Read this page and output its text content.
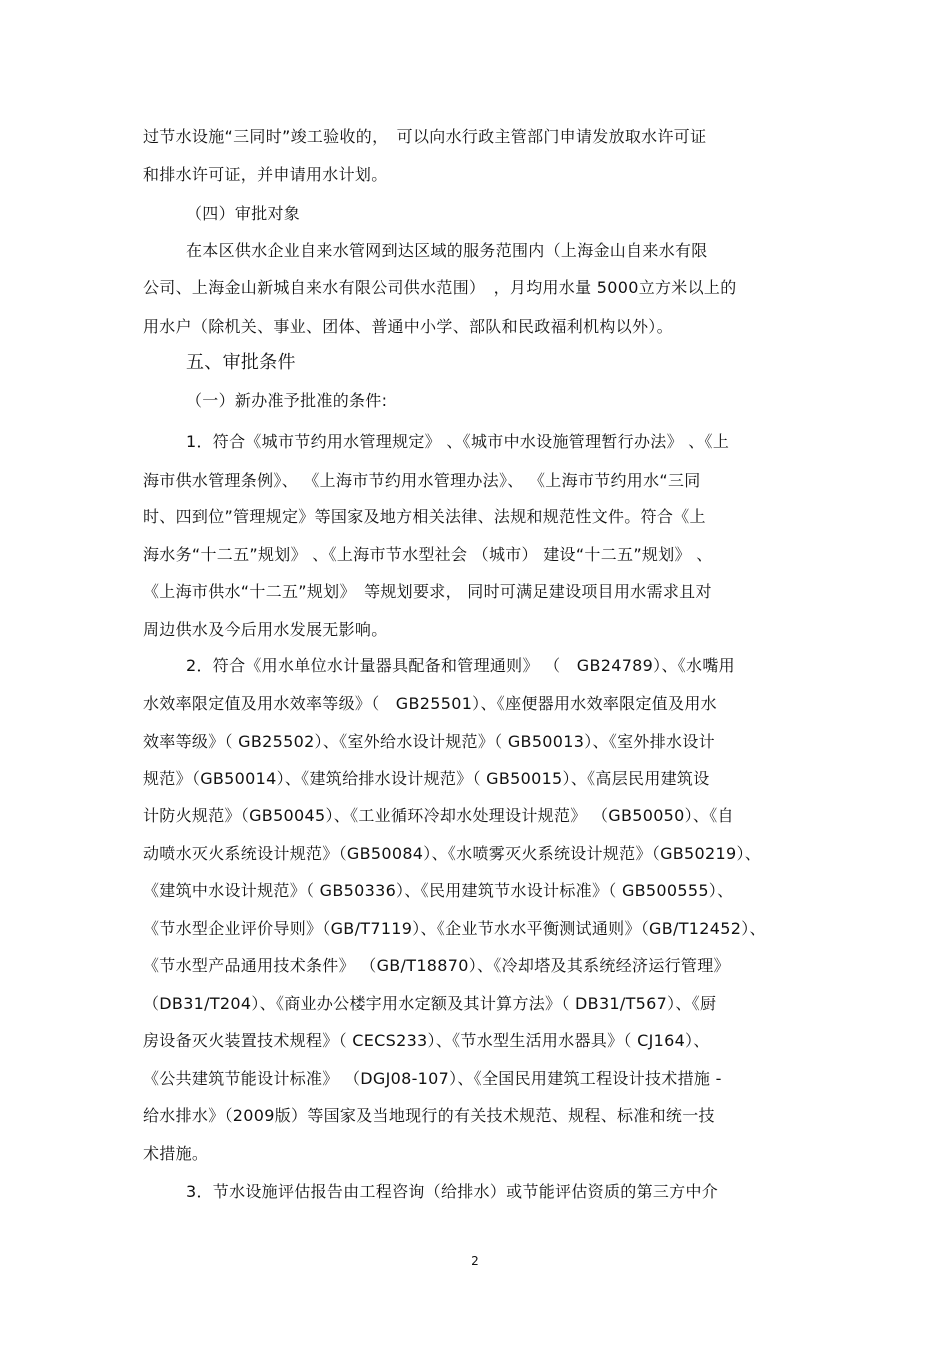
过节水设施“三同时”竣工验收的，　可以向水行政主管部门申请发放取水许可证
和排水许可证，并申请用水计划。
（四）审批对象
在本区供水企业自来水管网到达区域的服务范围内（上海金山自来水有限
公司、上海金山新城自来水有限公司供水范围）　，月均用水量 5000立方米以上的
用水户（除机关、事业、团体、普通中小学、部队和民政福利机构以外）。
五、审批条件
（一）新办准予批准的条件:
1．符合《城市节约用水管理规定》 、《城市中水设施管理暂行办法》 、《上
海市供水管理条例》、 《上海市节约用水管理办法》、 《上海市节约用水“三同
时、四到位”管理规定》等国家及地方相关法律、法规和规范性文件。符合《上
海水务“十二五”规划》 、《上海市节水型社会 （城市） 建设“十二五”规划》 、
《上海市供水“十二五”规划》　等规划要求， 同时可满足建设项目用水需求且对
周边供水及今后用水发展无影响。
2．符合《用水单位水计量器具配备和管理通则》 （　GB24789）、《水嘴用
水效率限定值及用水效率等级》（　GB25501）、《座便器用水效率限定值及用水
效率等级》（ GB25502）、《室外给水设计规范》（ GB50013）、《室外排水设计
规范》（GB50014）、《建筑给排水设计规范》（ GB50015）、《高层民用建筑设
计防火规范》（GB50045）、《工业循环冷却水处理设计规范》 （GB50050）、《自
动喷水灭火系统设计规范》（GB50084）、《水喷雾灭火系统设计规范》（GB50219）、
《建筑中水设计规范》（ GB50336）、《民用建筑节水设计标准》（ GB500555）、
《节水型企业评价导则》（GB/T7119）、《企业节水水平衡测试通则》（GB/T12452）、
《节水型产品通用技术条件》 （GB/T18870）、《冷却塔及其系统经济运行管理》
（DB31/T204）、《商业办公楼宇用水定额及其计算方法》（ DB31/T567）、《厨
房设备灭火装置技术规程》（ CECS233）、《节水型生活用水器具》（ CJ164）、
《公共建筑节能设计标准》 （DGJ08-107）、《全国民用建筑工程设计技术措施 -
给水排水》（2009版）等国家及当地现行的有关技术规范、规程、标准和统一技
术措施。
3．节水设施评估报告由工程咨询（给排水）或节能评估资质的第三方中介
2
